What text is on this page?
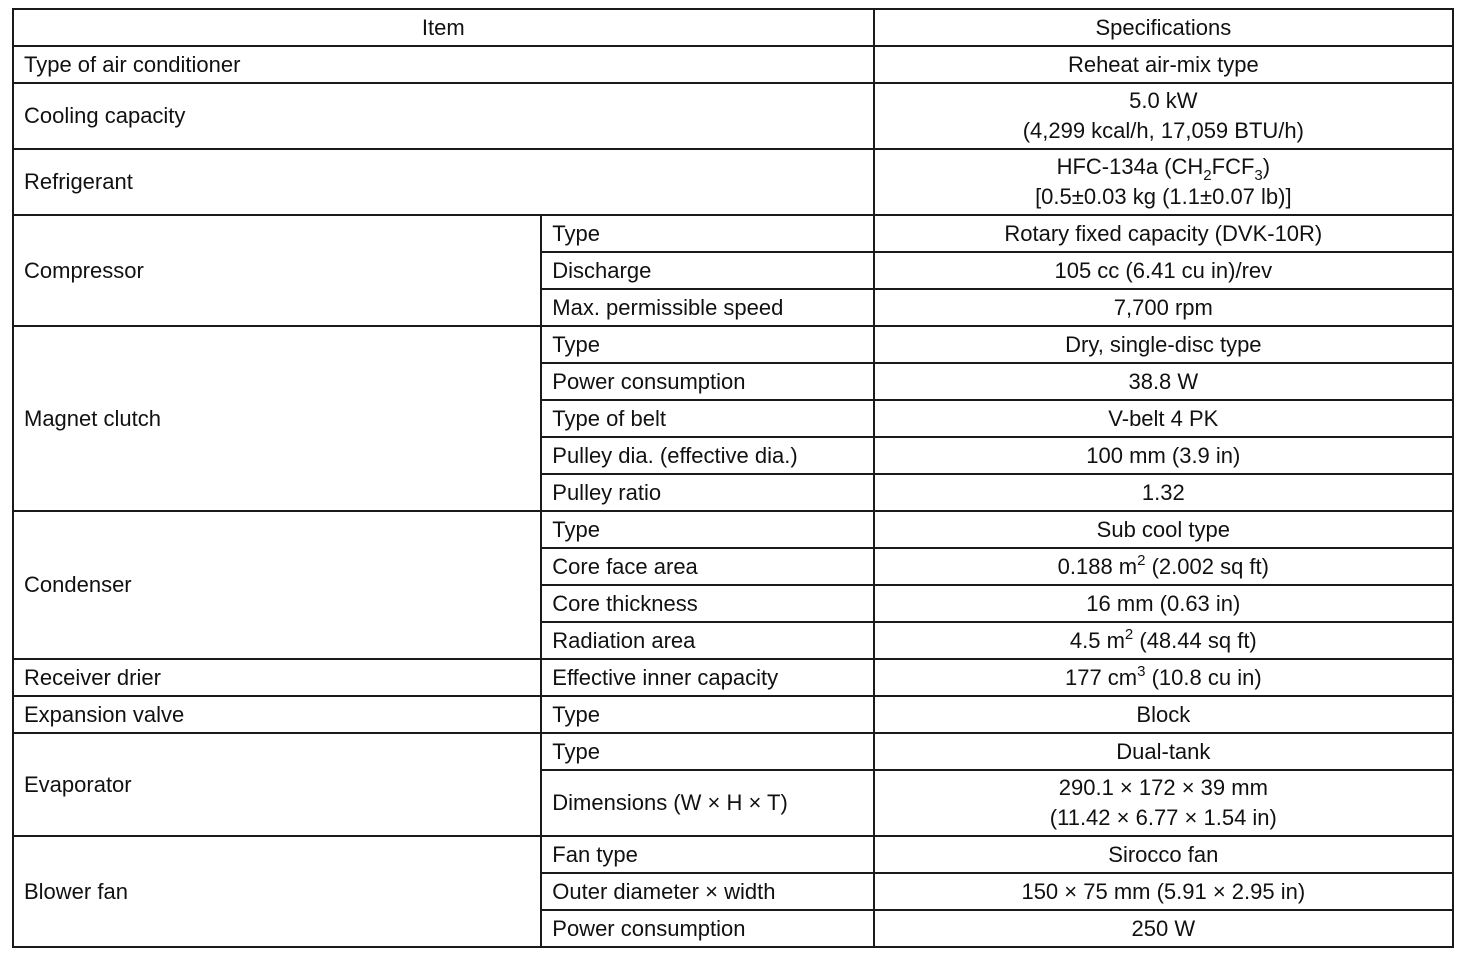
Item		Specifications
Type of air conditioner		Reheat air-mix type
Cooling capacity		5.0 kW
(4,299 kcal/h, 17,059 BTU/h)

Refrigerant		HFC-134a $(CH_2FCF_3)$
[0.5±0.03 kg (1.1±0.07 lb)]

Compressor	Type	Rotary fixed capacity (DVK-10R)
	Discharge	105 cc (6.41 cu in)/rev
	Max. permissible speed	7,700 rpm
Magnet clutch	Type	Dry, single-disc type
	Power consumption	38.8 W
	Type of belt	V-belt 4 PK
	Pulley dia. (effective dia.)	100 mm (3.9 in)
	Pulley ratio	1.32
Condenser	Type	Sub cool type
	Core face area	0.188 $m^2$ (2.002 sq ft)
	Core thickness	16 mm (0.63 in)
	Radiation area	4.5 $m^2$ (48.44 sq ft)
Receiver drier	Effective inner capacity	177 $cm^3$ (10.8 cu in)
Expansion valve	Type	Block
Evaporator	Type	Dual-tank
	Dimensions (W × H × T)	290.1 × 172 × 39 mm
(11.42 × 6.77 × 1.54 in)

Blower fan	Fan type	Sirocco fan
	Outer diameter × width	150 × 75 mm (5.91 × 2.95 in)
	Power consumption	250 W
